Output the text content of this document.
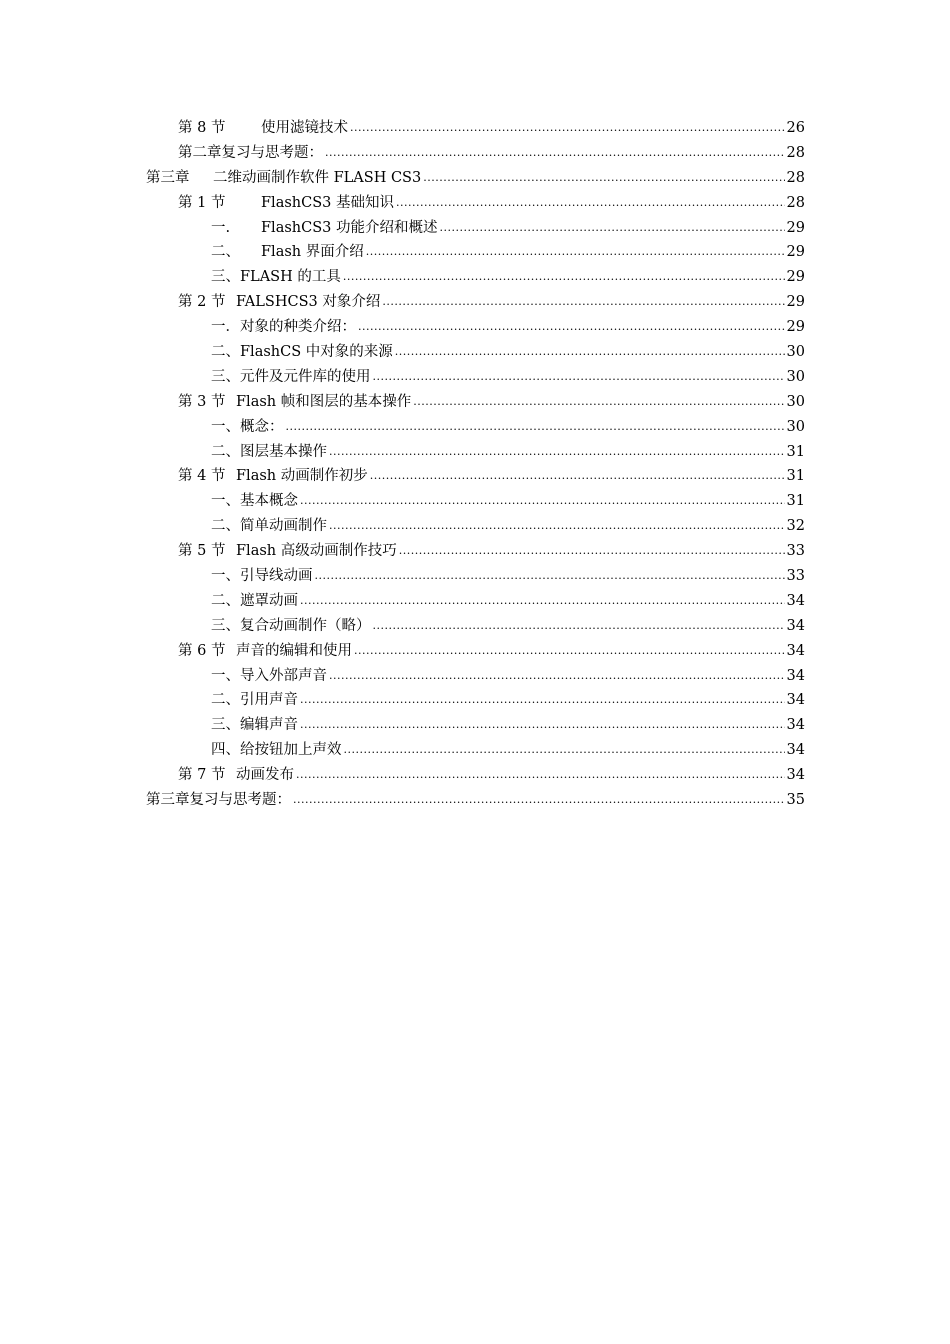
第 8 节	使用滤镜技术 .....	26
第二章复习与思考题： .....	28
第三章	二维动画制作软件 FLASH CS3 .....	28
第 1 节	FlashCS3 基础知识 .....	28
一.	FlashCS3 功能介绍和概述 .....	29
二、	Flash 界面介绍 .....	29
三、FLASH 的工具 .....	29
第 2 节 FALSHCS3 对象介绍 .....	29
一．对象的种类介绍： .....	29
二、FlashCS 中对象的来源 .....	30
三、元件及元件库的使用 .....	30
第 3 节 Flash 帧和图层的基本操作 .....	30
一、概念： .....	30
二、图层基本操作 .....	31
第 4 节 Flash 动画制作初步 .....	31
一、基本概念 .....	31
二、简单动画制作 .....	32
第 5 节 Flash 高级动画制作技巧 .....	33
一、引导线动画 .....	33
二、遮罩动画 .....	34
三、复合动画制作（略） .....	34
第 6 节 声音的编辑和使用 .....	34
一、导入外部声音 .....	34
二、引用声音 .....	34
三、编辑声音 .....	34
四、给按钮加上声效 .....	34
第 7 节 动画发布 .....	34
第三章复习与思考题： .....	35
